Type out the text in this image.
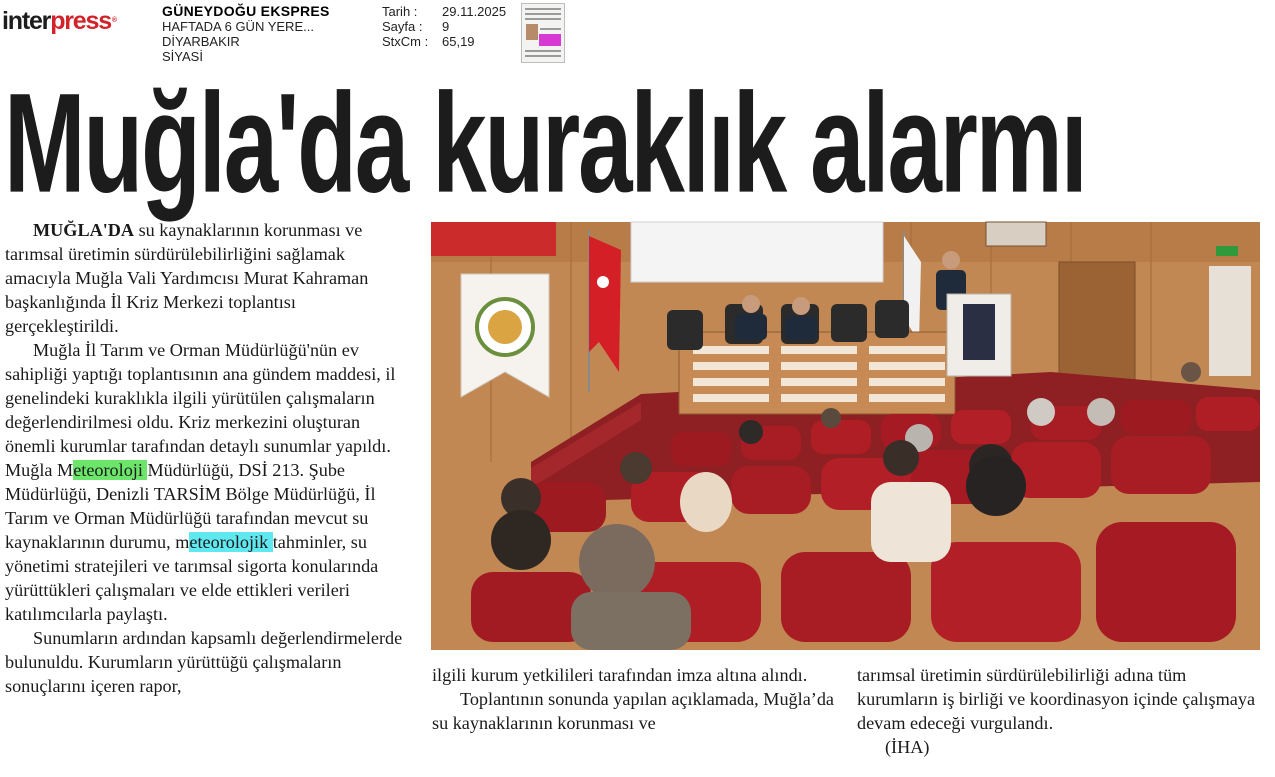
interpress®
GÜNEYDOĞU EKSPRES
HAFTADA 6 GÜN YERE...
DİYARBAKIR
SİYASİ
Tarih :	29.11.2025
Sayfa :	9
StxCm :	65,19
Muğla'da kuraklık alarmı

MUĞLA'DA su kaynaklarının korunması ve tarımsal üretimin sürdürülebilirliğini sağlamak amacıyla Muğla Vali Yardımcısı Murat Kahraman başkanlığında İl Kriz Merkezi toplantısı gerçekleştirildi.

Muğla İl Tarım ve Orman Müdürlüğü'nün ev sahipliği yaptığı toplantısının ana gündem maddesi, il genelindeki kuraklıkla ilgili yürütülen çalışmaların değerlendirilmesi oldu. Kriz merkezini oluşturan önemli kurumlar tarafından detaylı sunumlar yapıldı. Muğla Meteoroloji Müdürlüğü, DSİ 213. Şube Müdürlüğü, Denizli TARSİM Bölge Müdürlüğü, İl Tarım ve Orman Müdürlüğü tarafından mevcut su kaynaklarının durumu, meteorolojik tahminler, su yönetimi stratejileri ve tarımsal sigorta konularında yürüttükleri çalışmaları ve elde ettikleri verileri katılımcılarla paylaştı.

Sunumların ardından kapsamlı değerlendirmelerde bulunuldu. Kurumların yürüttüğü çalışmaların sonuçlarını içeren rapor,

ilgili kurum yetkilileri tarafından imza altına alındı.

Toplantının sonunda yapılan açıklamada, Muğla’da su kaynaklarının korunması ve

tarımsal üretimin sürdürülebilirliği adına tüm kurumların iş birliği ve koordinasyon içinde çalışmaya devam edeceği vurgulandı.

(İHA)
